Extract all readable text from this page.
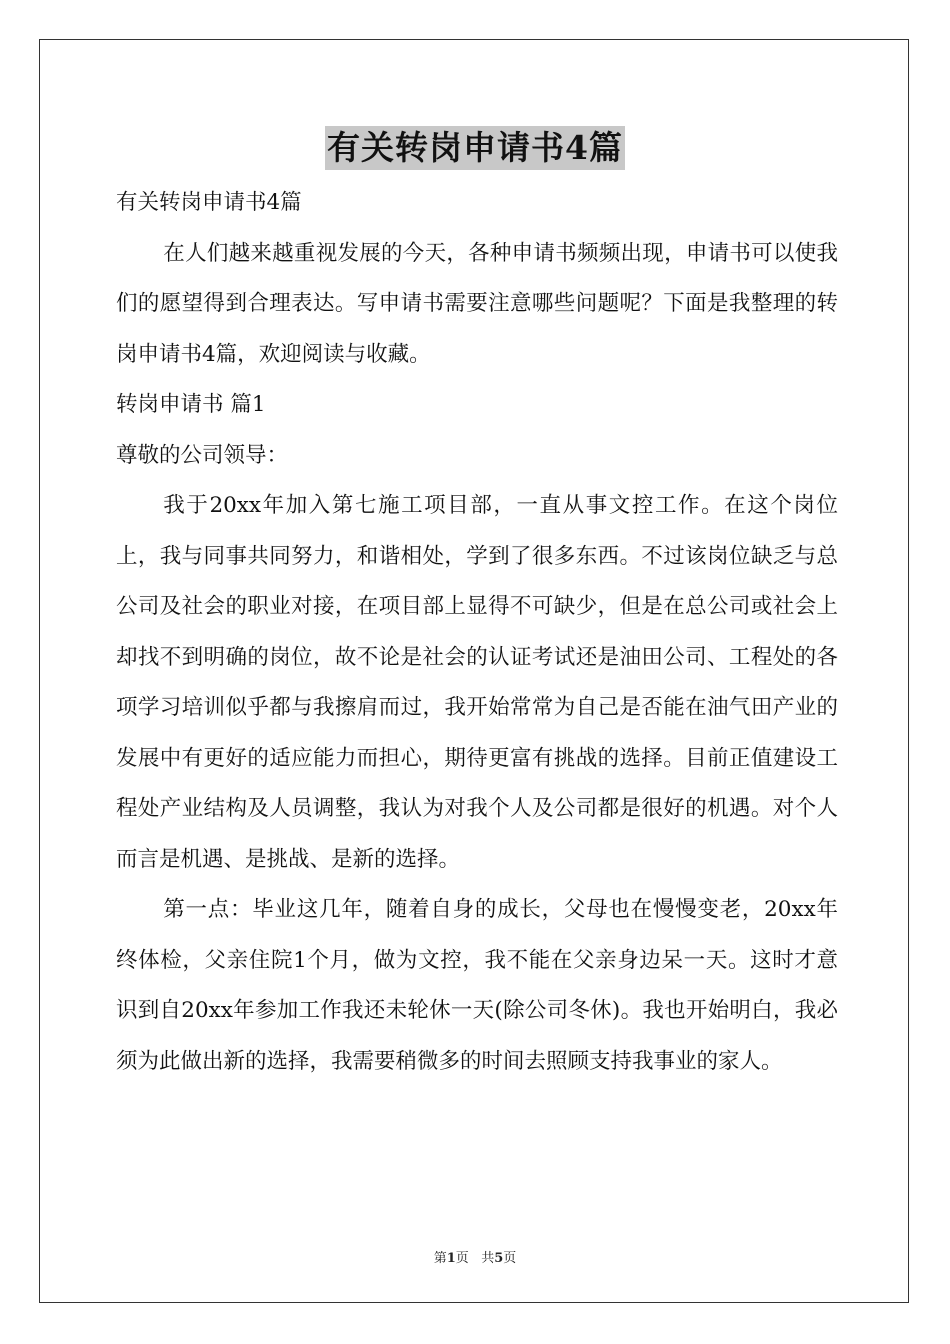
有关转岗申请书4篇

有关转岗申请书4篇

在人们越来越重视发展的今天，各种申请书频频出现，申请书可以使我们的愿望得到合理表达。写申请书需要注意哪些问题呢？下面是我整理的转岗申请书4篇，欢迎阅读与收藏。

转岗申请书 篇1

尊敬的公司领导：

我于20xx年加入第七施工项目部，一直从事文控工作。在这个岗位上，我与同事共同努力，和谐相处，学到了很多东西。不过该岗位缺乏与总公司及社会的职业对接，在项目部上显得不可缺少，但是在总公司或社会上却找不到明确的岗位，故不论是社会的认证考试还是油田公司、工程处的各项学习培训似乎都与我擦肩而过，我开始常常为自己是否能在油气田产业的发展中有更好的适应能力而担心，期待更富有挑战的选择。目前正值建设工程处产业结构及人员调整，我认为对我个人及公司都是很好的机遇。对个人而言是机遇、是挑战、是新的选择。

第一点：毕业这几年，随着自身的成长，父母也在慢慢变老，20xx年终体检，父亲住院1个月，做为文控，我不能在父亲身边呆一天。这时才意识到自20xx年参加工作我还未轮休一天(除公司冬休)。我也开始明白，我必须为此做出新的选择，我需要稍微多的时间去照顾支持我事业的家人。

第1页 共5页
